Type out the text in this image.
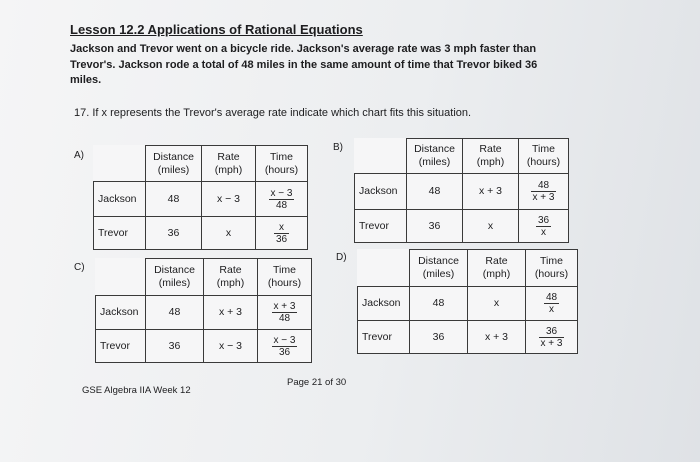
Lesson 12.2 Applications of Rational Equations
Jackson and Trevor went on a bicycle ride. Jackson's average rate was 3 mph faster than
Trevor's. Jackson rode a total of 48 miles in the same amount of time that Trevor biked 36
miles.
17. If x represents the Trevor's average rate indicate which chart fits this situation.
A)
		Distance
(miles)	Rate
(mph)	Time
(hours)
Jackson	48	x − 3	$\frac{x - 3}{48}$

Trevor	36	x	$\frac{x}{36}$
B)
		Distance
(miles)	Rate
(mph)	Time
(hours)
Jackson	48	x + 3	$\frac{48}{x + 3}$

Trevor	36	x	$\frac{36}{x}$
C)
		Distance
(miles)	Rate
(mph)	Time
(hours)
Jackson	48	x + 3	$\frac{x + 3}{48}$

Trevor	36	x − 3	$\frac{x - 3}{36}$
D)
		Distance
(miles)	Rate
(mph)	Time
(hours)
Jackson	48	x	$\frac{48}{x}$

Trevor	36	x + 3	$\frac{36}{x + 3}$
GSE Algebra IIA Week 12
Page 21 of 30
